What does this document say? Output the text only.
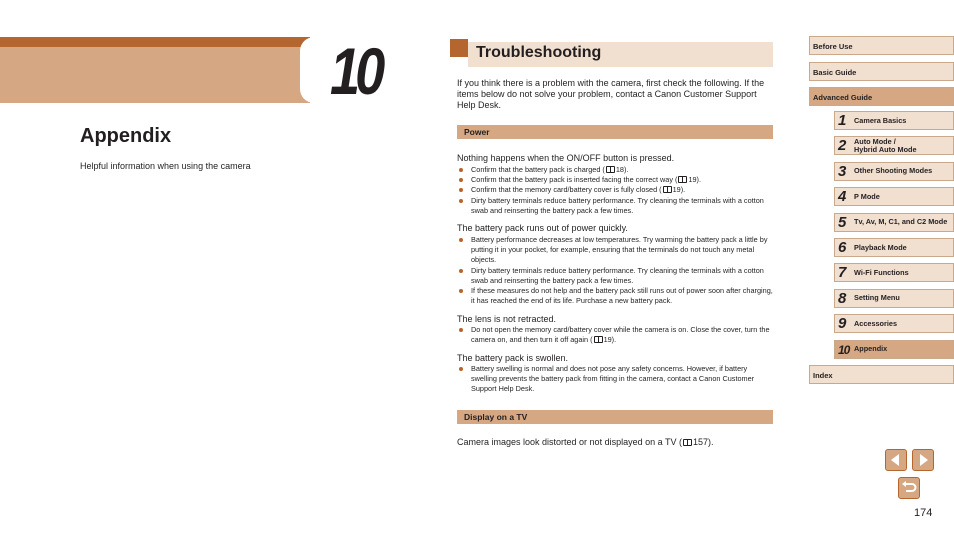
10
Appendix
Helpful information when using the camera
Troubleshooting
If you think there is a problem with the camera, first check the following. If the items below do not solve your problem, contact a Canon Customer Support Help Desk.
Power
Nothing happens when the ON/OFF button is pressed.
Confirm that the battery pack is charged ( 18).
Confirm that the battery pack is inserted facing the correct way ( 19).
Confirm that the memory card/battery cover is fully closed ( 19).
Dirty battery terminals reduce battery performance. Try cleaning the terminals with a cotton swab and reinserting the battery pack a few times.
The battery pack runs out of power quickly.
Battery performance decreases at low temperatures. Try warming the battery pack a little by putting it in your pocket, for example, ensuring that the terminals do not touch any metal objects.
Dirty battery terminals reduce battery performance. Try cleaning the terminals with a cotton swab and reinserting the battery pack a few times.
If these measures do not help and the battery pack still runs out of power soon after charging, it has reached the end of its life. Purchase a new battery pack.
The lens is not retracted.
Do not open the memory card/battery cover while the camera is on. Close the cover, turn the camera on, and then turn it off again ( 19).
The battery pack is swollen.
Battery swelling is normal and does not pose any safety concerns. However, if battery swelling prevents the battery pack from fitting in the camera, contact a Canon Customer Support Help Desk.
Display on a TV
Camera images look distorted or not displayed on a TV ( 157).
Before Use
Basic Guide
Advanced Guide
1 Camera Basics
2 Auto Mode /
Hybrid Auto Mode
3 Other Shooting Modes
4 P Mode
5 Tv, Av, M, C1, and C2 Mode
6 Playback Mode
7 Wi-Fi Functions
8 Setting Menu
9 Accessories
10 Appendix
Index
174
